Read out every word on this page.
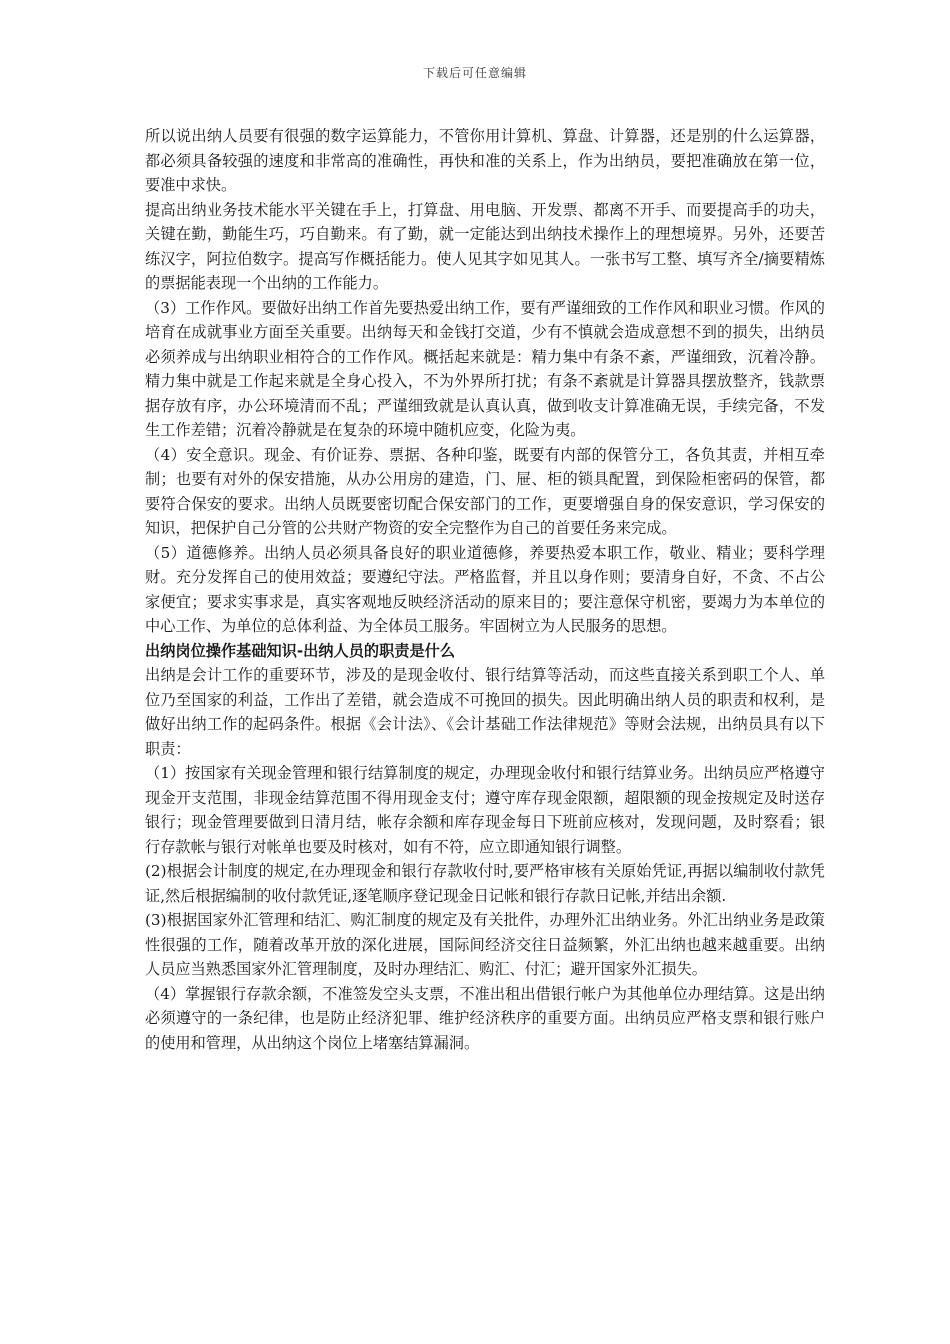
下载后可任意编辑

所以说出纳人员要有很强的数字运算能力，不管你用计算机、算盘、计算器，还是别的什么运算器，都必须具备较强的速度和非常高的准确性，再快和准的关系上，作为出纳员，要把准确放在第一位，要准中求快。

提高出纳业务技术能水平关键在手上，打算盘、用电脑、开发票、都离不开手、而要提高手的功夫，关键在勤，勤能生巧，巧自勤来。有了勤，就一定能达到出纳技术操作上的理想境界。另外，还要苦练汉字，阿拉伯数字。提高写作概括能力。使人见其字如见其人。一张书写工整、填写齐全/摘要精炼的票据能表现一个出纳的工作能力。

（3）工作作风。要做好出纳工作首先要热爱出纳工作，要有严谨细致的工作作风和职业习惯。作风的培育在成就事业方面至关重要。出纳每天和金钱打交道，少有不慎就会造成意想不到的损失，出纳员必须养成与出纳职业相符合的工作作风。概括起来就是：精力集中有条不紊，严谨细致，沉着冷静。精力集中就是工作起来就是全身心投入，不为外界所打扰；有条不紊就是计算器具摆放整齐，钱款票据存放有序，办公环境清而不乱；严谨细致就是认真认真，做到收支计算准确无误，手续完备，不发生工作差错；沉着冷静就是在复杂的环境中随机应变，化险为夷。

（4）安全意识。现金、有价证券、票据、各种印鉴，既要有内部的保管分工，各负其责，并相互牵制；也要有对外的保安措施，从办公用房的建造，门、屉、柜的锁具配置，到保险柜密码的保管，都要符合保安的要求。出纳人员既要密切配合保安部门的工作，更要增强自身的保安意识，学习保安的知识，把保护自己分管的公共财产物资的安全完整作为自己的首要任务来完成。

（5）道德修养。出纳人员必须具备良好的职业道德修，养要热爱本职工作，敬业、精业；要科学理财。充分发挥自己的使用效益；要遵纪守法。严格监督，并且以身作则；要清身自好，不贪、不占公家便宜；要求实事求是，真实客观地反映经济活动的原来目的；要注意保守机密，要竭力为本单位的中心工作、为单位的总体利益、为全体员工服务。牢固树立为人民服务的思想。

出纳岗位操作基础知识-出纳人员的职责是什么

出纳是会计工作的重要环节，涉及的是现金收付、银行结算等活动，而这些直接关系到职工个人、单位乃至国家的利益，工作出了差错，就会造成不可挽回的损失。因此明确出纳人员的职责和权利，是做好出纳工作的起码条件。根据《会计法》、《会计基础工作法律规范》等财会法规，出纳员具有以下职责：

（1）按国家有关现金管理和银行结算制度的规定，办理现金收付和银行结算业务。出纳员应严格遵守现金开支范围，非现金结算范围不得用现金支付；遵守库存现金限额，超限额的现金按规定及时送存银行；现金管理要做到日清月结，帐存余额和库存现金每日下班前应核对，发现问题，及时察看；银行存款帐与银行对帐单也要及时核对，如有不符，应立即通知银行调整。

(2)根据会计制度的规定,在办理现金和银行存款收付时,要严格审核有关原始凭证,再据以编制收付款凭证,然后根据编制的收付款凭证,逐笔顺序登记现金日记帐和银行存款日记帐,并结出余额.

(3)根据国家外汇管理和结汇、购汇制度的规定及有关批件，办理外汇出纳业务。外汇出纳业务是政策性很强的工作，随着改革开放的深化进展，国际间经济交往日益频繁，外汇出纳也越来越重要。出纳人员应当熟悉国家外汇管理制度，及时办理结汇、购汇、付汇；避开国家外汇损失。

（4）掌握银行存款余额，不准签发空头支票，不准出租出借银行帐户为其他单位办理结算。这是出纳必须遵守的一条纪律，也是防止经济犯罪、维护经济秩序的重要方面。出纳员应严格支票和银行账户的使用和管理，从出纳这个岗位上堵塞结算漏洞。
